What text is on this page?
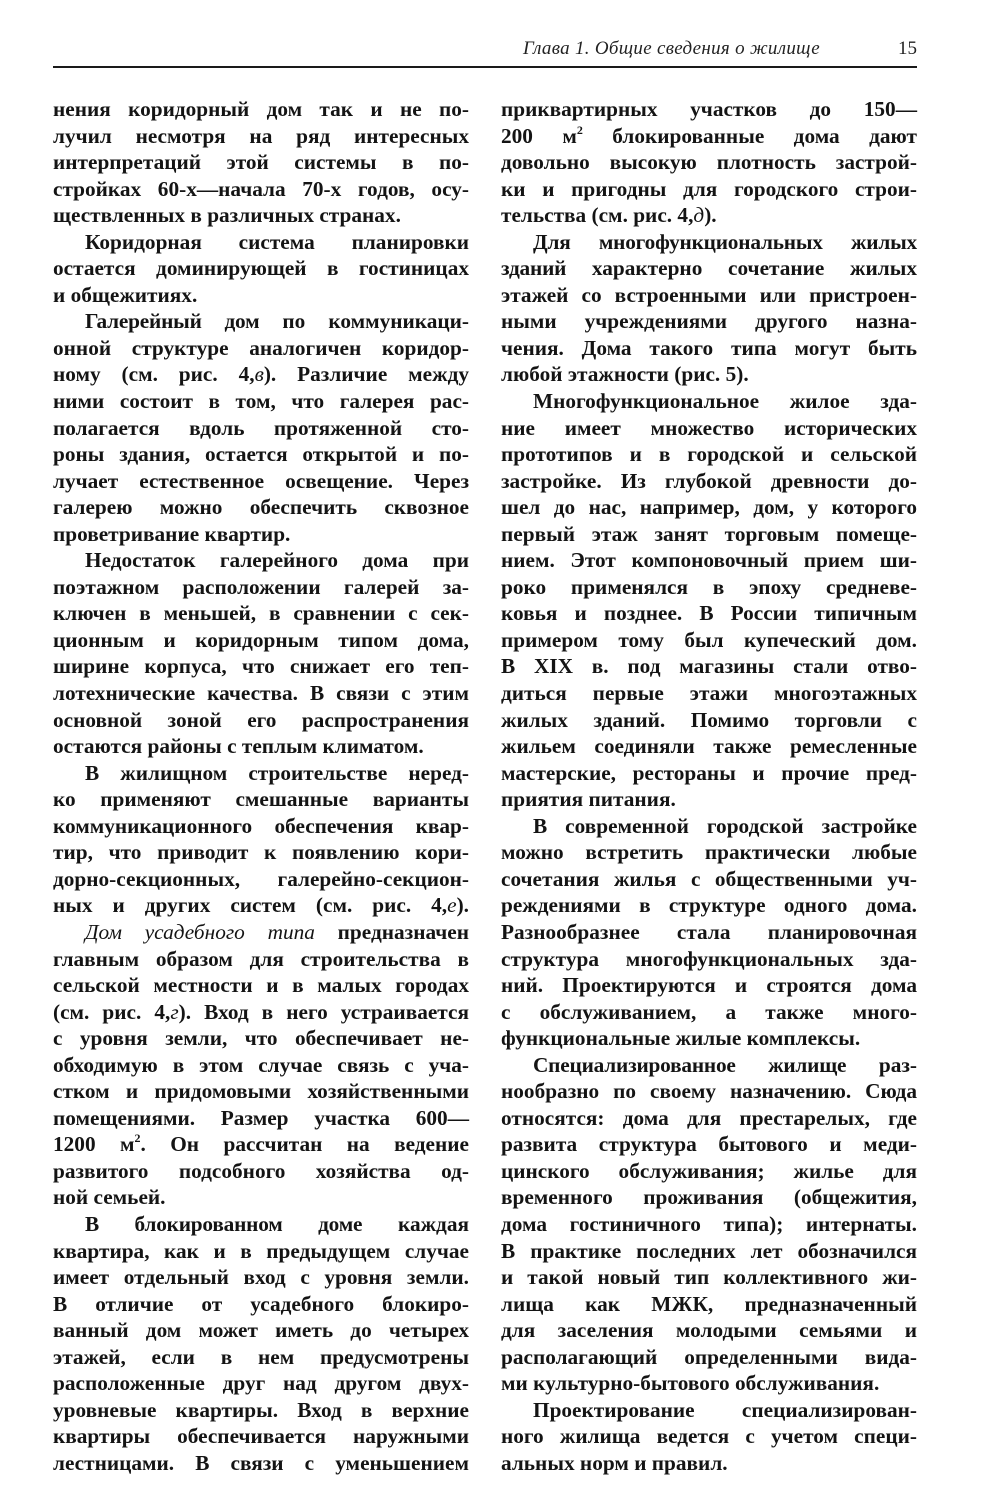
Глава 1. Общие сведения о жилище	15
нения коридорный дом так и не по-
лучил несмотря на ряд интересных
интерпретаций этой системы в по-
стройках 60-х—начала 70-х годов, осу-
ществленных в различных странах.
Коридорная система планировки
остается доминирующей в гостиницах
и общежитиях.
Галерейный дом по коммуникаци-
онной структуре аналогичен коридор-
ному (см. рис. 4,в). Различие между
ними состоит в том, что галерея рас-
полагается вдоль протяженной сто-
роны здания, остается открытой и по-
лучает естественное освещение. Через
галерею можно обеспечить сквозное
проветривание квартир.
Недостаток галерейного дома при
поэтажном расположении галерей за-
ключен в меньшей, в сравнении с сек-
ционным и коридорным типом дома,
ширине корпуса, что снижает его теп-
лотехнические качества. В связи с этим
основной зоной его распространения
остаются районы с теплым климатом.
В жилищном строительстве неред-
ко применяют смешанные варианты
коммуникационного обеспечения квар-
тир, что приводит к появлению кори-
дорно-секционных, галерейно-секцион-
ных и других систем (см. рис. 4,е).
Дом усадебного типа предназначен
главным образом для строительства в
сельской местности и в малых городах
(см. рис. 4,г). Вход в него устраивается
с уровня земли, что обеспечивает не-
обходимую в этом случае связь с уча-
стком и придомовыми хозяйственными
помещениями. Размер участка 600—
1200 $м^2$. Он рассчитан на ведение
развитого подсобного хозяйства од-
ной семьей.
В блокированном доме каждая
квартира, как и в предыдущем случае
имеет отдельный вход с уровня земли.
В отличие от усадебного блокиро-
ванный дом может иметь до четырех
этажей, если в нем предусмотрены
расположенные друг над другом двух-
уровневые квартиры. Вход в верхние
квартиры обеспечивается наружными
лестницами. В связи с уменьшением
приквартирных участков до 150—
200 $м^2$ блокированные дома дают
довольно высокую плотность застрой-
ки и пригодны для городского строи-
тельства (см. рис. 4,д).
Для многофункциональных жилых
зданий характерно сочетание жилых
этажей со встроенными или пристроен-
ными учреждениями другого назна-
чения. Дома такого типа могут быть
любой этажности (рис. 5).
Многофункциональное жилое зда-
ние имеет множество исторических
прототипов и в городской и сельской
застройке. Из глубокой древности до-
шел до нас, например, дом, у которого
первый этаж занят торговым помеще-
нием. Этот компоновочный прием ши-
роко применялся в эпоху средневе-
ковья и позднее. В России типичным
примером тому был купеческий дом.
В XIX в. под магазины стали отво-
диться первые этажи многоэтажных
жилых зданий. Помимо торговли с
жильем соединяли также ремесленные
мастерские, рестораны и прочие пред-
приятия питания.
В современной городской застройке
можно встретить практически любые
сочетания жилья с общественными уч-
реждениями в структуре одного дома.
Разнообразнее стала планировочная
структура многофункциональных зда-
ний. Проектируются и строятся дома
с обслуживанием, а также много-
функциональные жилые комплексы.
Специализированное жилище раз-
нообразно по своему назначению. Сюда
относятся: дома для престарелых, где
развита структура бытового и меди-
цинского обслуживания; жилье для
временного проживания (общежития,
дома гостиничного типа); интернаты.
В практике последних лет обозначился
и такой новый тип коллективного жи-
лища как МЖК, предназначенный
для заселения молодыми семьями и
располагающий определенными вида-
ми культурно-бытового обслуживания.
Проектирование специализирован-
ного жилища ведется с учетом специ-
альных норм и правил.
